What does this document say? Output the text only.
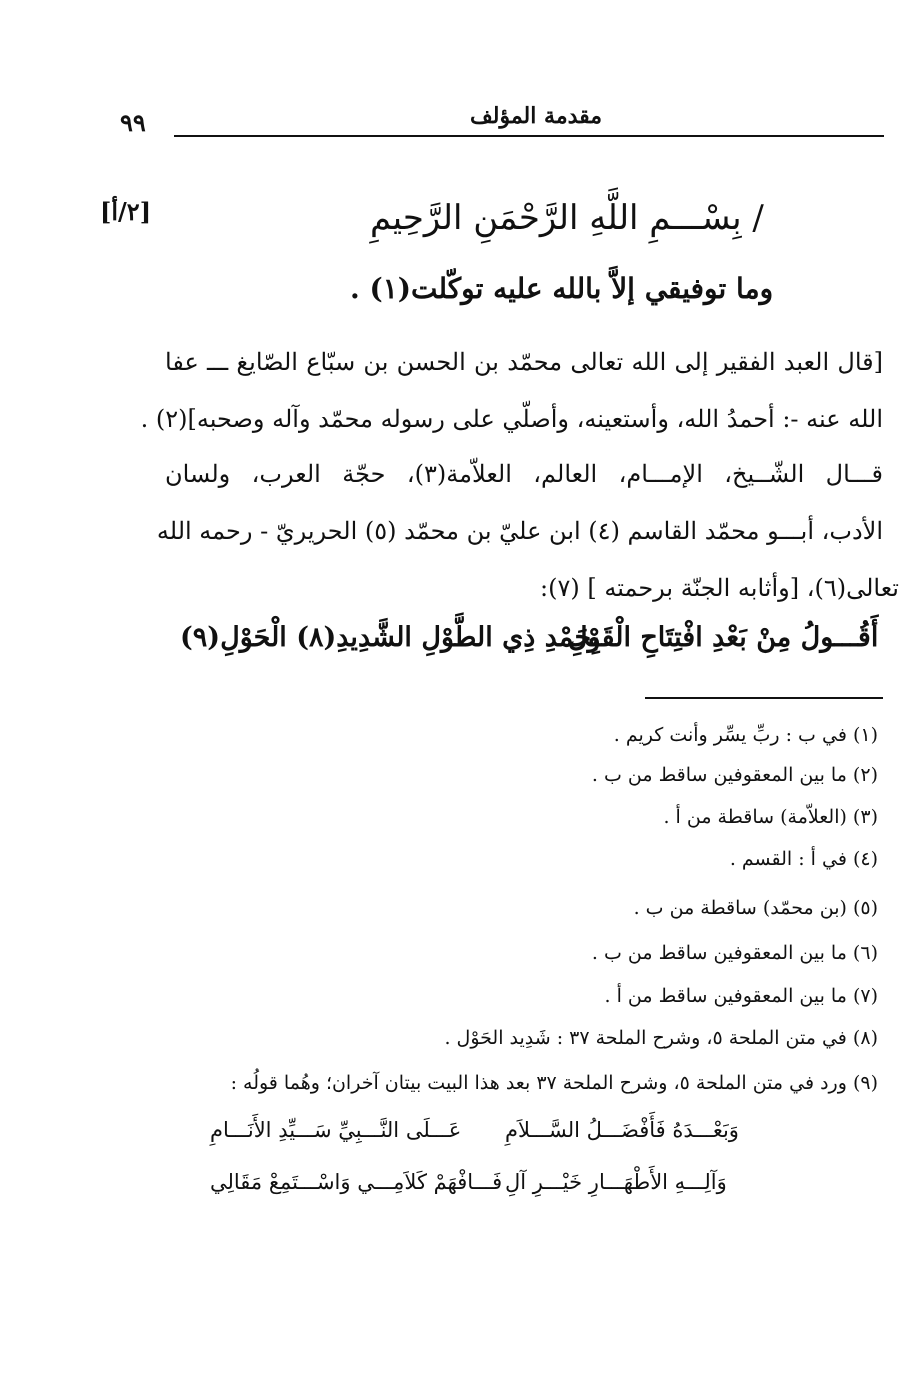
٩٩	مقدمة المؤلف
[٢/أ]	/ بِسْـــمِ اللَّهِ الرَّحْمَنِ الرَّحِيمِ
وما توفيقي إلاَّ بالله عليه توكّلت(١) .
[قال العبد الفقير إلى الله تعالى محمّد بن الحسن بن سبّاع الصّايغ ـــ عفا
الله عنه -: أحمدُ الله، وأستعينه، وأصلّي على رسوله محمّد وآله وصحبه](٢) .
قـــال الشّــيخ، الإمـــام، العالم، العلاّمة(٣)، حجّة العرب، ولسان
الأدب، أبـــو محمّد القاسم (٤) ابن عليّ بن محمّد (٥) الحريريّ - رحمه الله
تعالى(٦)، [وأثابه الجنّة برحمته ] (٧):
أَقُـــولُ مِنْ بَعْدِ افْتِتَاحِ الْقَوْلِ
بِحَمْدِ ذِي الطَّوْلِ الشَّدِيدِ(٨) الْحَوْلِ(٩)
(١) في ب : ربِّ يسِّر وأنت كريم .
(٢) ما بين المعقوفين ساقط من ب .
(٣) (العلاّمة) ساقطة من أ .
(٤) في أ : القسم .
(٥) (بن محمّد) ساقطة من ب .
(٦) ما بين المعقوفين ساقط من ب .
(٧) ما بين المعقوفين ساقط من أ .
(٨) في متن الملحة ٥، وشرح الملحة ٣٧ : شَدِيد الحَوْل .
(٩) ورد في متن الملحة ٥، وشرح الملحة ٣٧ بعد هذا البيت بيتان آخران؛ وهُما قولُه :
وَبَعْـــدَهُ فَأَفْضَـــلُ السَّـــلاَمِ
عَـــلَى النَّـــبِيِّ سَـــيِّدِ الأَنَـــامِ
وَآلِـــهِ الأَطْهَـــارِ خَيْـــرِ آلِ
فَـــافْهَمْ كَلاَمِـــي وَاسْـــتَمِعْ مَقَالِي
